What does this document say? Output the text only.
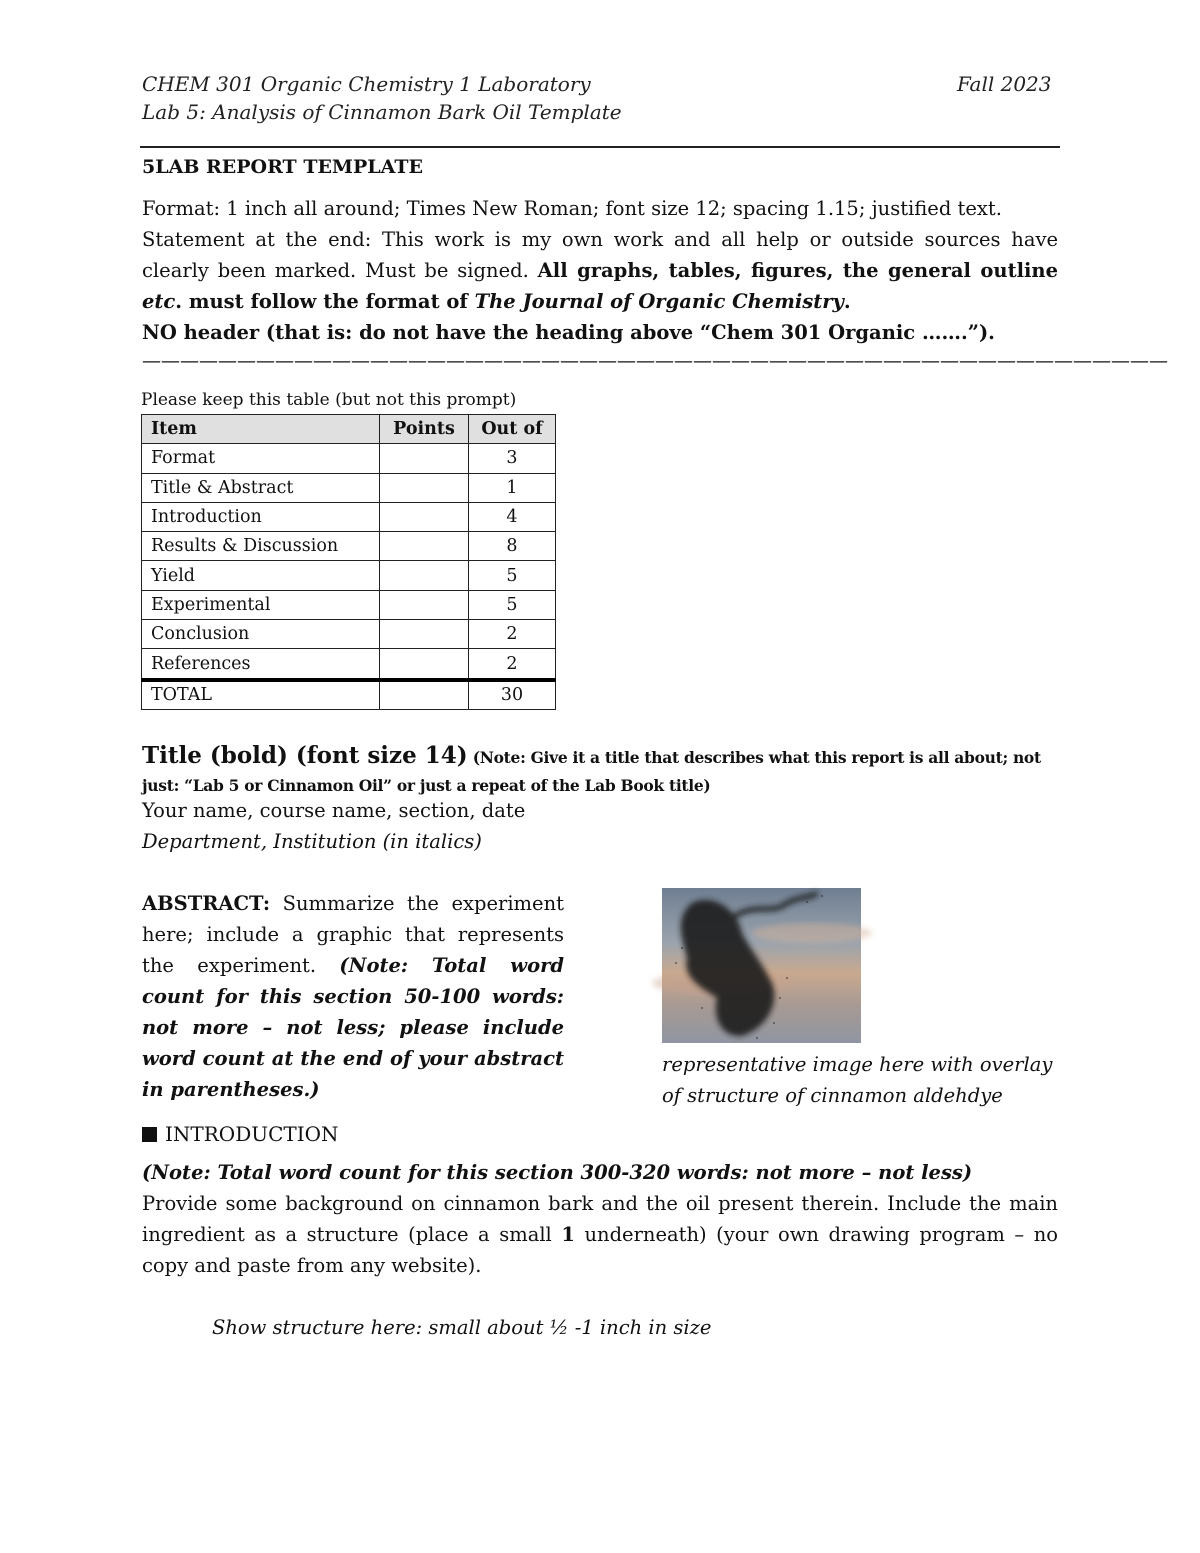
CHEM 301 Organic Chemistry 1 Laboratory	Fall 2023
Lab 5: Analysis of Cinnamon Bark Oil Template
5LAB REPORT TEMPLATE
Format: 1 inch all around; Times New Roman; font size 12; spacing 1.15; justified text.
Statement at the end: This work is my own work and all help or outside sources have clearly been marked. Must be signed. All graphs, tables, figures, the general outline etc. must follow the format of The Journal of Organic Chemistry.
NO header (that is: do not have the heading above “Chem 301 Organic …….”).
——————————————————————————————————————————————————————
Please keep this table (but not this prompt)
Item	Points	Out of
Format		3
Title & Abstract		1
Introduction		4
Results & Discussion		8
Yield		5
Experimental		5
Conclusion		2
References		2
TOTAL		30
Title (bold) (font size 14) (Note: Give it a title that describes what this report is all about; not just: “Lab 5 or Cinnamon Oil” or just a repeat of the Lab Book title)
Your name, course name, section, date
Department, Institution (in italics)
ABSTRACT: Summarize the experiment here; include a graphic that represents the experiment. (Note: Total word count for this section 50-100 words: not more – not less; please include word count at the end of your abstract in parentheses.)
representative image here with overlay of structure of cinnamon aldehdye
INTRODUCTION
(Note: Total word count for this section 300-320 words: not more – not less)
Provide some background on cinnamon bark and the oil present therein. Include the main ingredient as a structure (place a small 1 underneath) (your own drawing program – no copy and paste from any website).
Show structure here: small about ½ -1 inch in size
